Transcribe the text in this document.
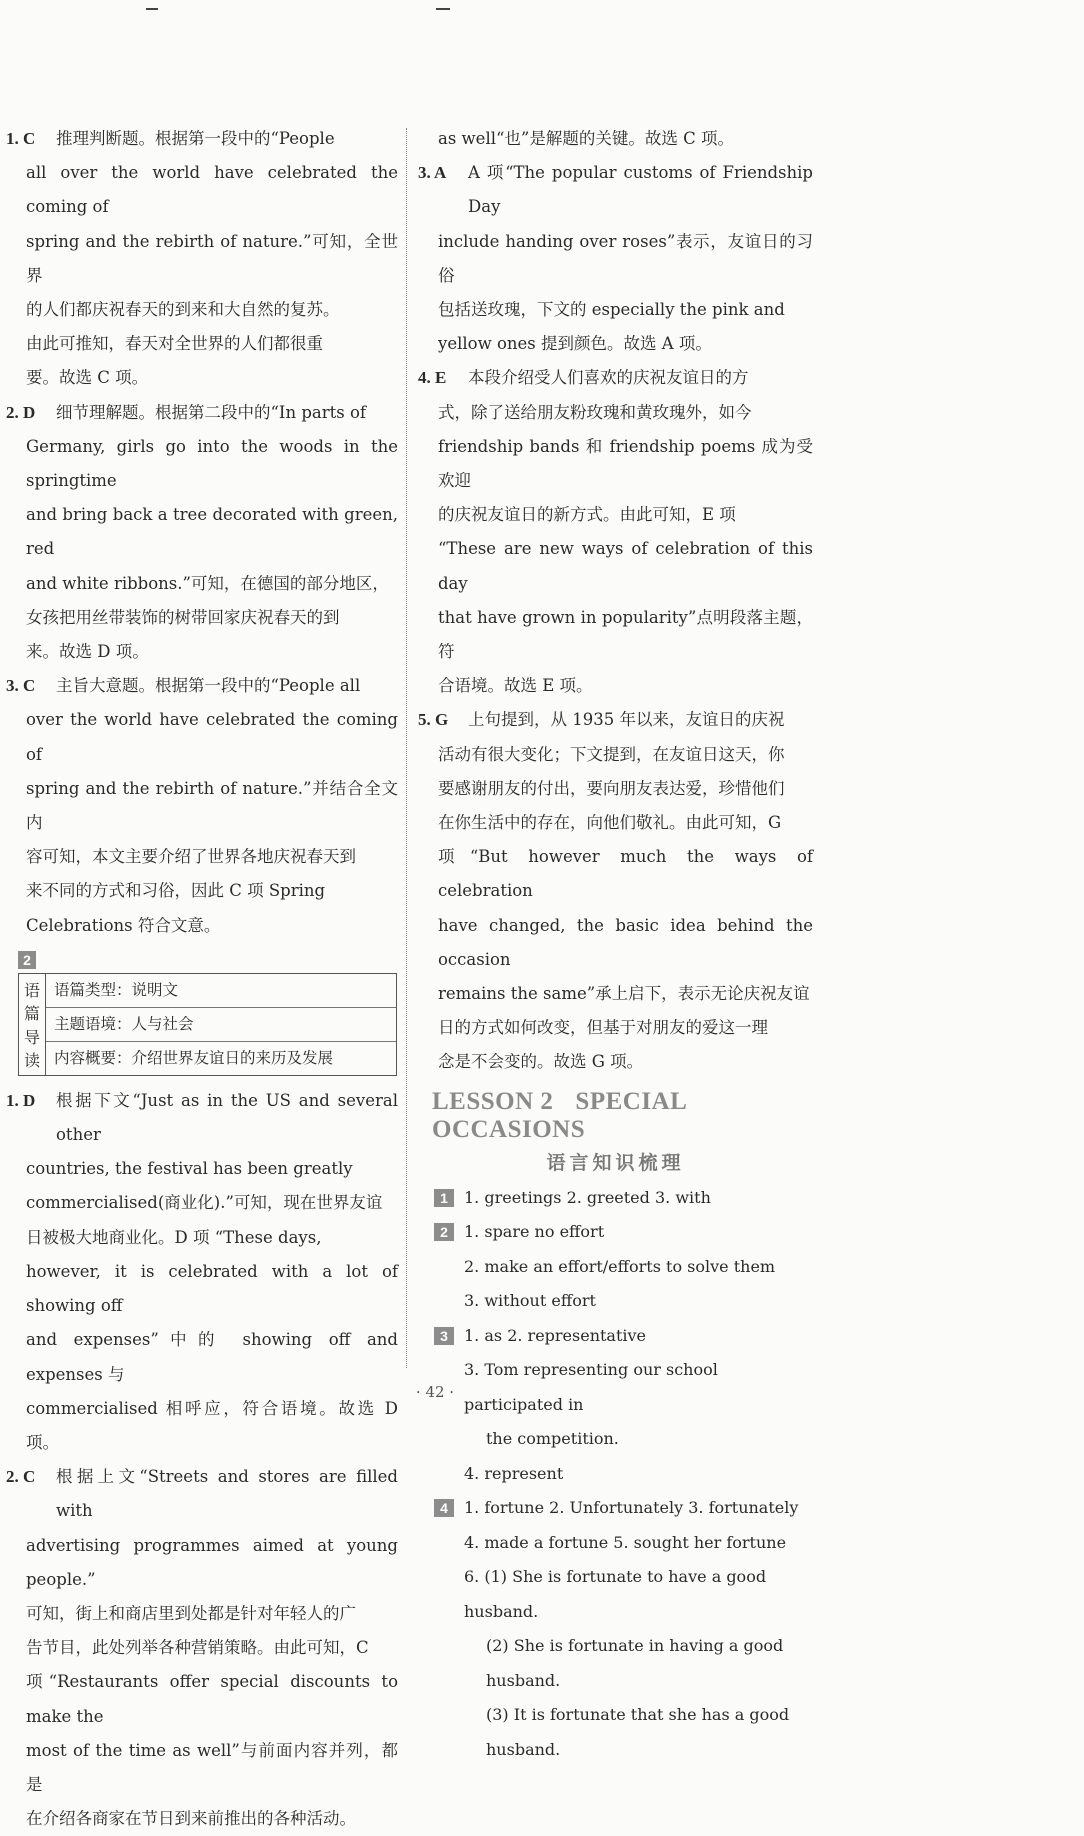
1. C	推理判断题。根据第一段中的“People
all over the world have celebrated the coming of
spring and the rebirth of nature.”可知，全世界
的人们都庆祝春天的到来和大自然的复苏。
由此可推知，春天对全世界的人们都很重
要。故选 C 项。
2. D	细节理解题。根据第二段中的“In parts of
Germany, girls go into the woods in the springtime
and bring back a tree decorated with green, red
and white ribbons.”可知，在德国的部分地区，
女孩把用丝带装饰的树带回家庆祝春天的到
来。故选 D 项。
3. C	主旨大意题。根据第一段中的“People all
over the world have celebrated the coming of
spring and the rebirth of nature.”并结合全文内
容可知，本文主要介绍了世界各地庆祝春天到
来不同的方式和习俗，因此 C 项 Spring
Celebrations 符合文意。
2
语
篇
导
读
语篇类型：说明文
主题语境：人与社会
内容概要：介绍世界友谊日的来历及发展
1. D	根据下文“Just as in the US and several other
countries, the festival has been greatly
commercialised(商业化).”可知，现在世界友谊
日被极大地商业化。D 项 “These days,
however, it is celebrated with a lot of showing off
and expenses”中的 showing off and expenses 与
commercialised 相呼应，符合语境。故选 D 项。
2. C	根据上文“Streets and stores are filled with
advertising programmes aimed at young people.”
可知，街上和商店里到处都是针对年轻人的广
告节目，此处列举各种营销策略。由此可知，C
项“Restaurants offer special discounts to make the
most of the time as well”与前面内容并列，都是
在介绍各商家在节日到来前推出的各种活动。
as well“也”是解题的关键。故选 C 项。
3. A	A 项“The popular customs of Friendship Day
include handing over roses”表示，友谊日的习俗
包括送玫瑰，下文的 especially the pink and
yellow ones 提到颜色。故选 A 项。
4. E	本段介绍受人们喜欢的庆祝友谊日的方
式，除了送给朋友粉玫瑰和黄玫瑰外，如今
friendship bands 和 friendship poems 成为受欢迎
的庆祝友谊日的新方式。由此可知，E 项
“These are new ways of celebration of this day
that have grown in popularity”点明段落主题，符
合语境。故选 E 项。
5. G	上句提到，从 1935 年以来，友谊日的庆祝
活动有很大变化；下文提到，在友谊日这天，你
要感谢朋友的付出，要向朋友表达爱，珍惜他们
在你生活中的存在，向他们敬礼。由此可知，G
项“But however much the ways of celebration
have changed, the basic idea behind the occasion
remains the same”承上启下，表示无论庆祝友谊
日的方式如何改变，但基于对朋友的爱这一理
念是不会变的。故选 G 项。
LESSON 2 SPECIAL OCCASIONS
语言知识梳理
1	1. greetings 2. greeted 3. with
2	1. spare no effort
2. make an effort/efforts to solve them
3. without effort
3	1. as 2. representative
3. Tom representing our school participated in
the competition.
4. represent
4	1. fortune 2. Unfortunately 3. fortunately
4. made a fortune 5. sought her fortune
6. (1) She is fortunate to have a good husband.
(2) She is fortunate in having a good husband.
(3) It is fortunate that she has a good husband.
· 42 ·
